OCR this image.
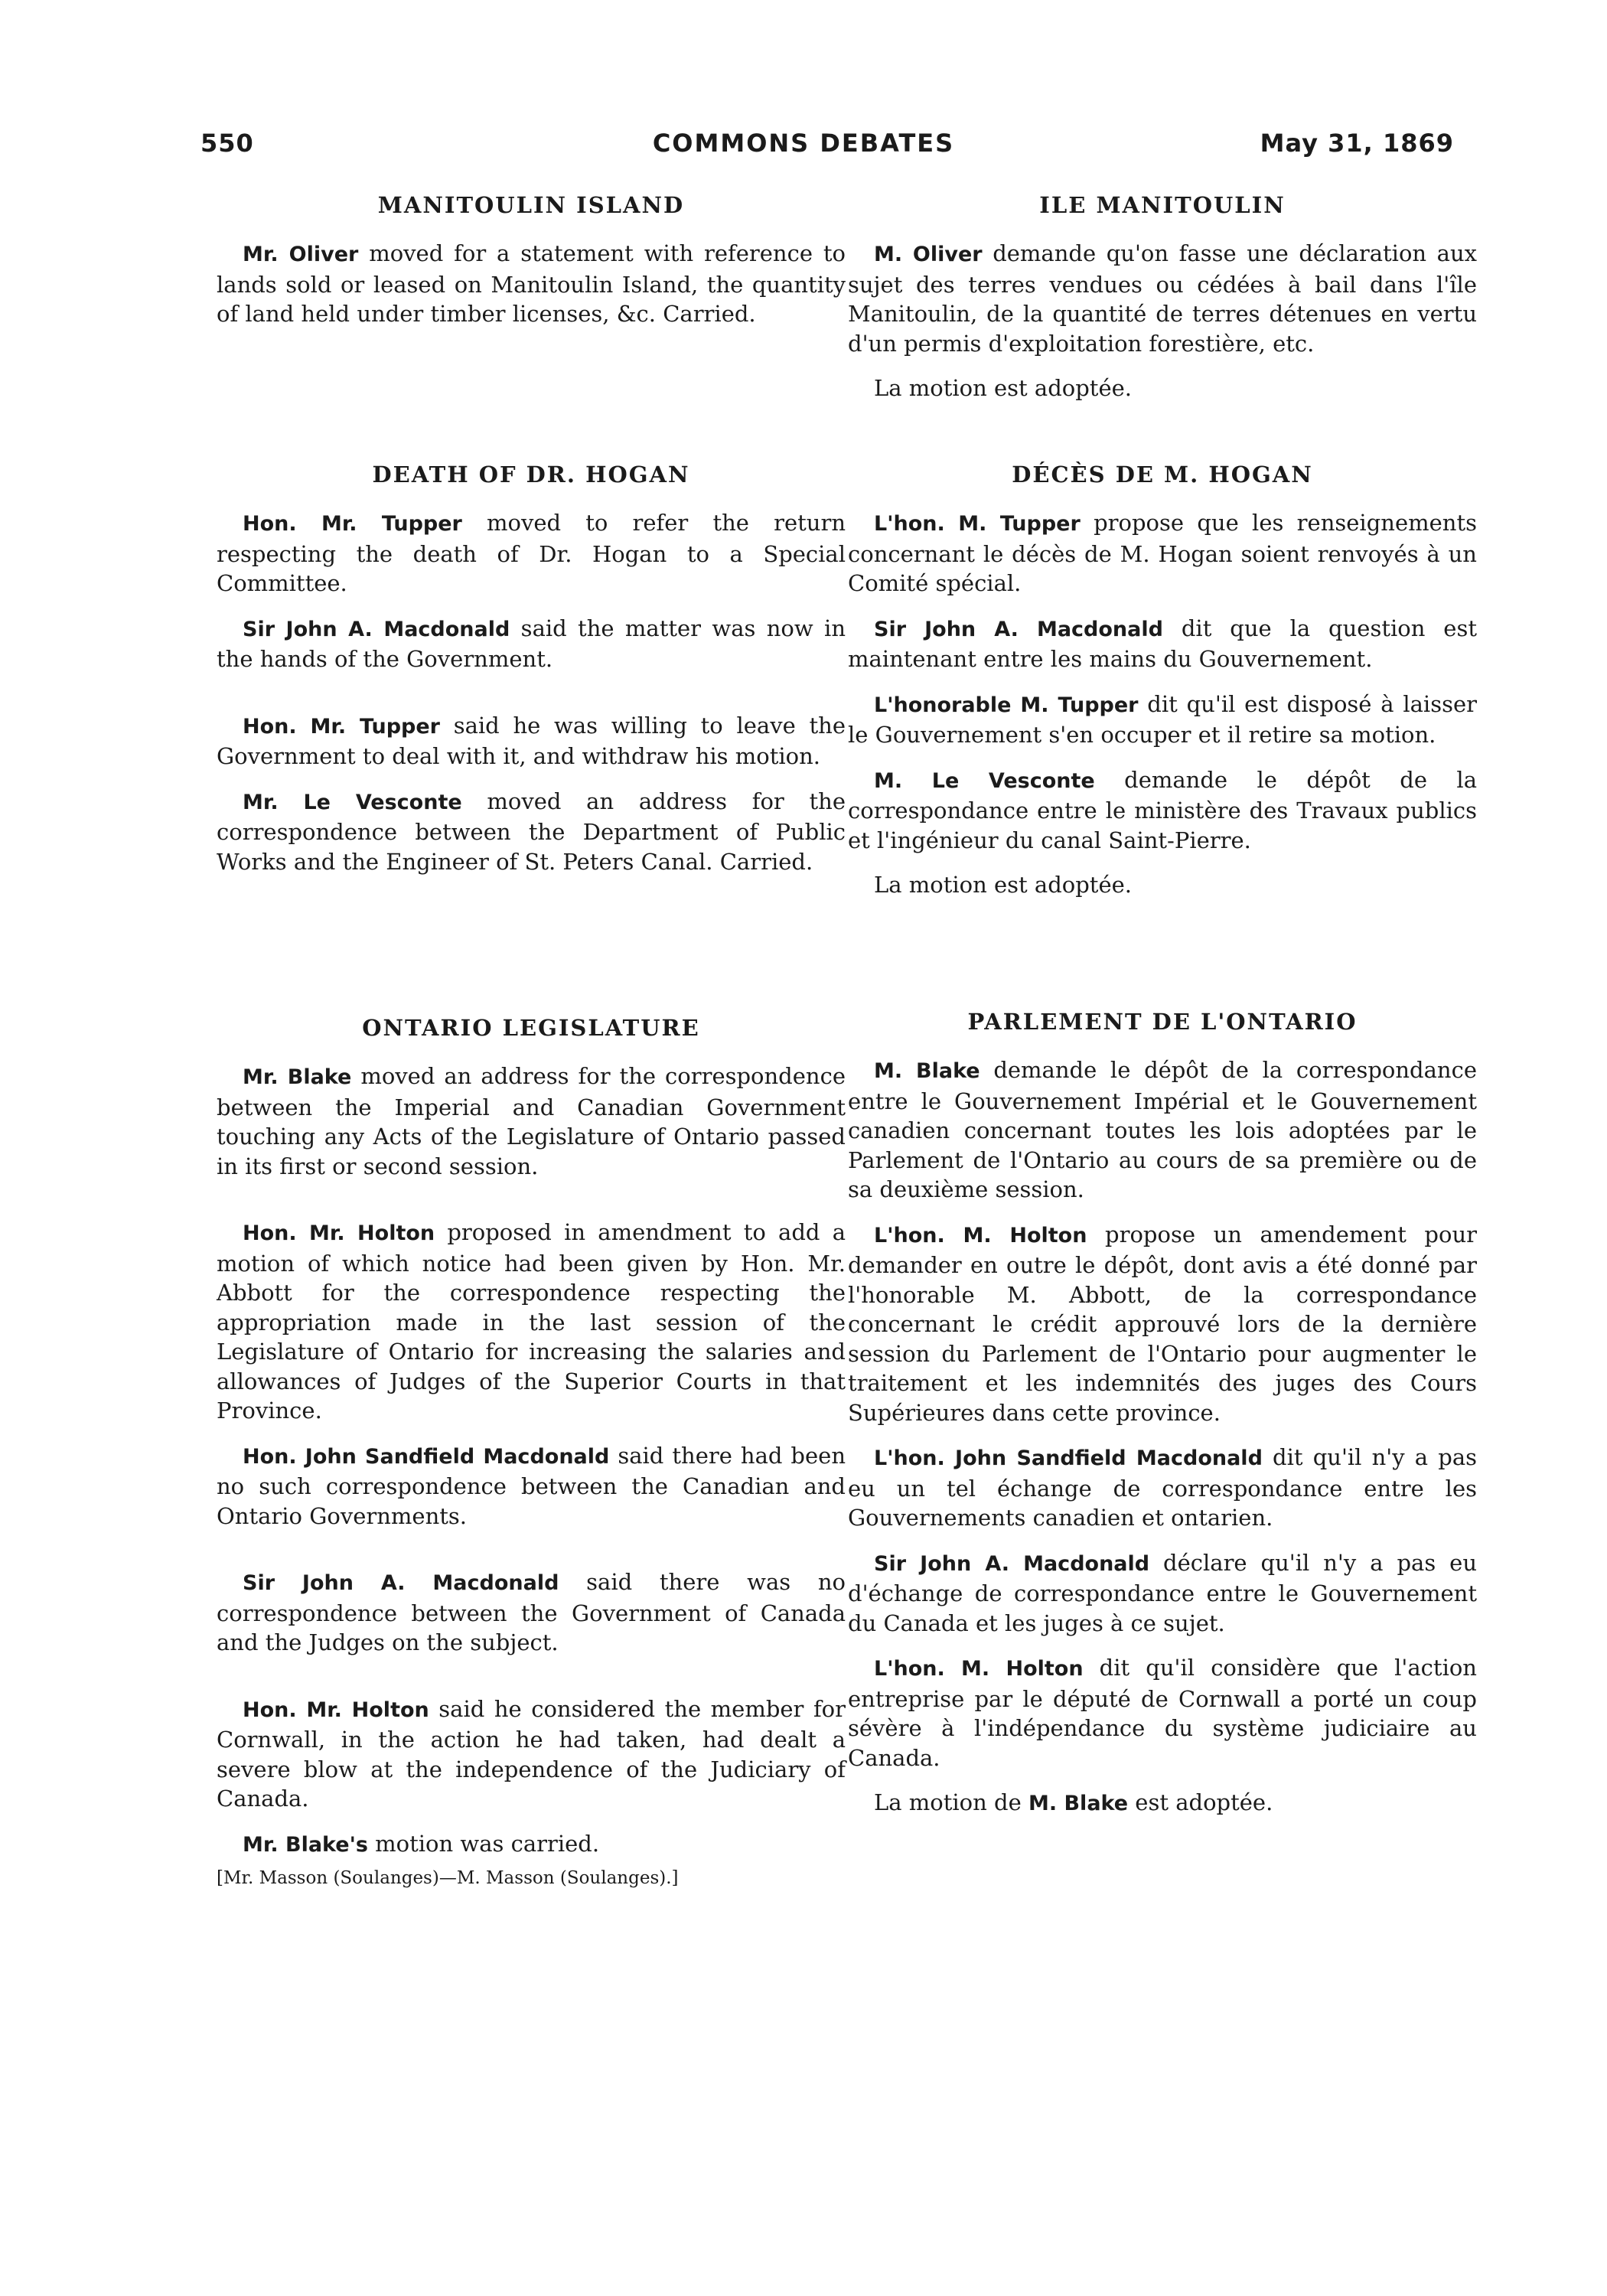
COMMONS DEBATES
550	May 31, 1869
MANITOULIN ISLAND

Mr. Oliver moved for a statement with reference to lands sold or leased on Manitoulin Island, the quantity of land held under timber licenses, &c. Carried.

DEATH OF DR. HOGAN

Hon. Mr. Tupper moved to refer the return respecting the death of Dr. Hogan to a Special Committee.

Sir John A. Macdonald said the matter was now in the hands of the Government.

Hon. Mr. Tupper said he was willing to leave the Government to deal with it, and withdraw his motion.

Mr. Le Vesconte moved an address for the correspondence between the Department of Public Works and the Engineer of St. Peters Canal. Carried.

ONTARIO LEGISLATURE

Mr. Blake moved an address for the correspondence between the Imperial and Canadian Government touching any Acts of the Legislature of Ontario passed in its first or second session.

Hon. Mr. Holton proposed in amendment to add a motion of which notice had been given by Hon. Mr. Abbott for the correspondence respecting the appropriation made in the last session of the Legislature of Ontario for increasing the salaries and allowances of Judges of the Superior Courts in that Province.

Hon. John Sandfield Macdonald said there had been no such correspondence between the Canadian and Ontario Governments.

Sir John A. Macdonald said there was no correspondence between the Government of Canada and the Judges on the subject.

Hon. Mr. Holton said he considered the member for Cornwall, in the action he had taken, had dealt a severe blow at the independence of the Judiciary of Canada.

Mr. Blake's motion was carried.

[Mr. Masson (Soulanges)—M. Masson (Soulanges).]

ILE MANITOULIN

M. Oliver demande qu'on fasse une déclaration aux sujet des terres vendues ou cédées à bail dans l'île Manitoulin, de la quantité de terres détenues en vertu d'un permis d'exploitation forestière, etc.

La motion est adoptée.

DÉCÈS DE M. HOGAN

L'hon. M. Tupper propose que les renseignements concernant le décès de M. Hogan soient renvoyés à un Comité spécial.

Sir John A. Macdonald dit que la question est maintenant entre les mains du Gouvernement.

L'honorable M. Tupper dit qu'il est disposé à laisser le Gouvernement s'en occuper et il retire sa motion.

M. Le Vesconte demande le dépôt de la correspondance entre le ministère des Travaux publics et l'ingénieur du canal Saint-Pierre.

La motion est adoptée.

PARLEMENT DE L'ONTARIO

M. Blake demande le dépôt de la correspondance entre le Gouvernement Impérial et le Gouvernement canadien concernant toutes les lois adoptées par le Parlement de l'Ontario au cours de sa première ou de sa deuxième session.

L'hon. M. Holton propose un amendement pour demander en outre le dépôt, dont avis a été donné par l'honorable M. Abbott, de la correspondance concernant le crédit approuvé lors de la dernière session du Parlement de l'Ontario pour augmenter le traitement et les indemnités des juges des Cours Supérieures dans cette province.

L'hon. John Sandfield Macdonald dit qu'il n'y a pas eu un tel échange de correspondance entre les Gouvernements canadien et ontarien.

Sir John A. Macdonald déclare qu'il n'y a pas eu d'échange de correspondance entre le Gouvernement du Canada et les juges à ce sujet.

L'hon. M. Holton dit qu'il considère que l'action entreprise par le député de Cornwall a porté un coup sévère à l'indépendance du système judiciaire au Canada.

La motion de M. Blake est adoptée.
